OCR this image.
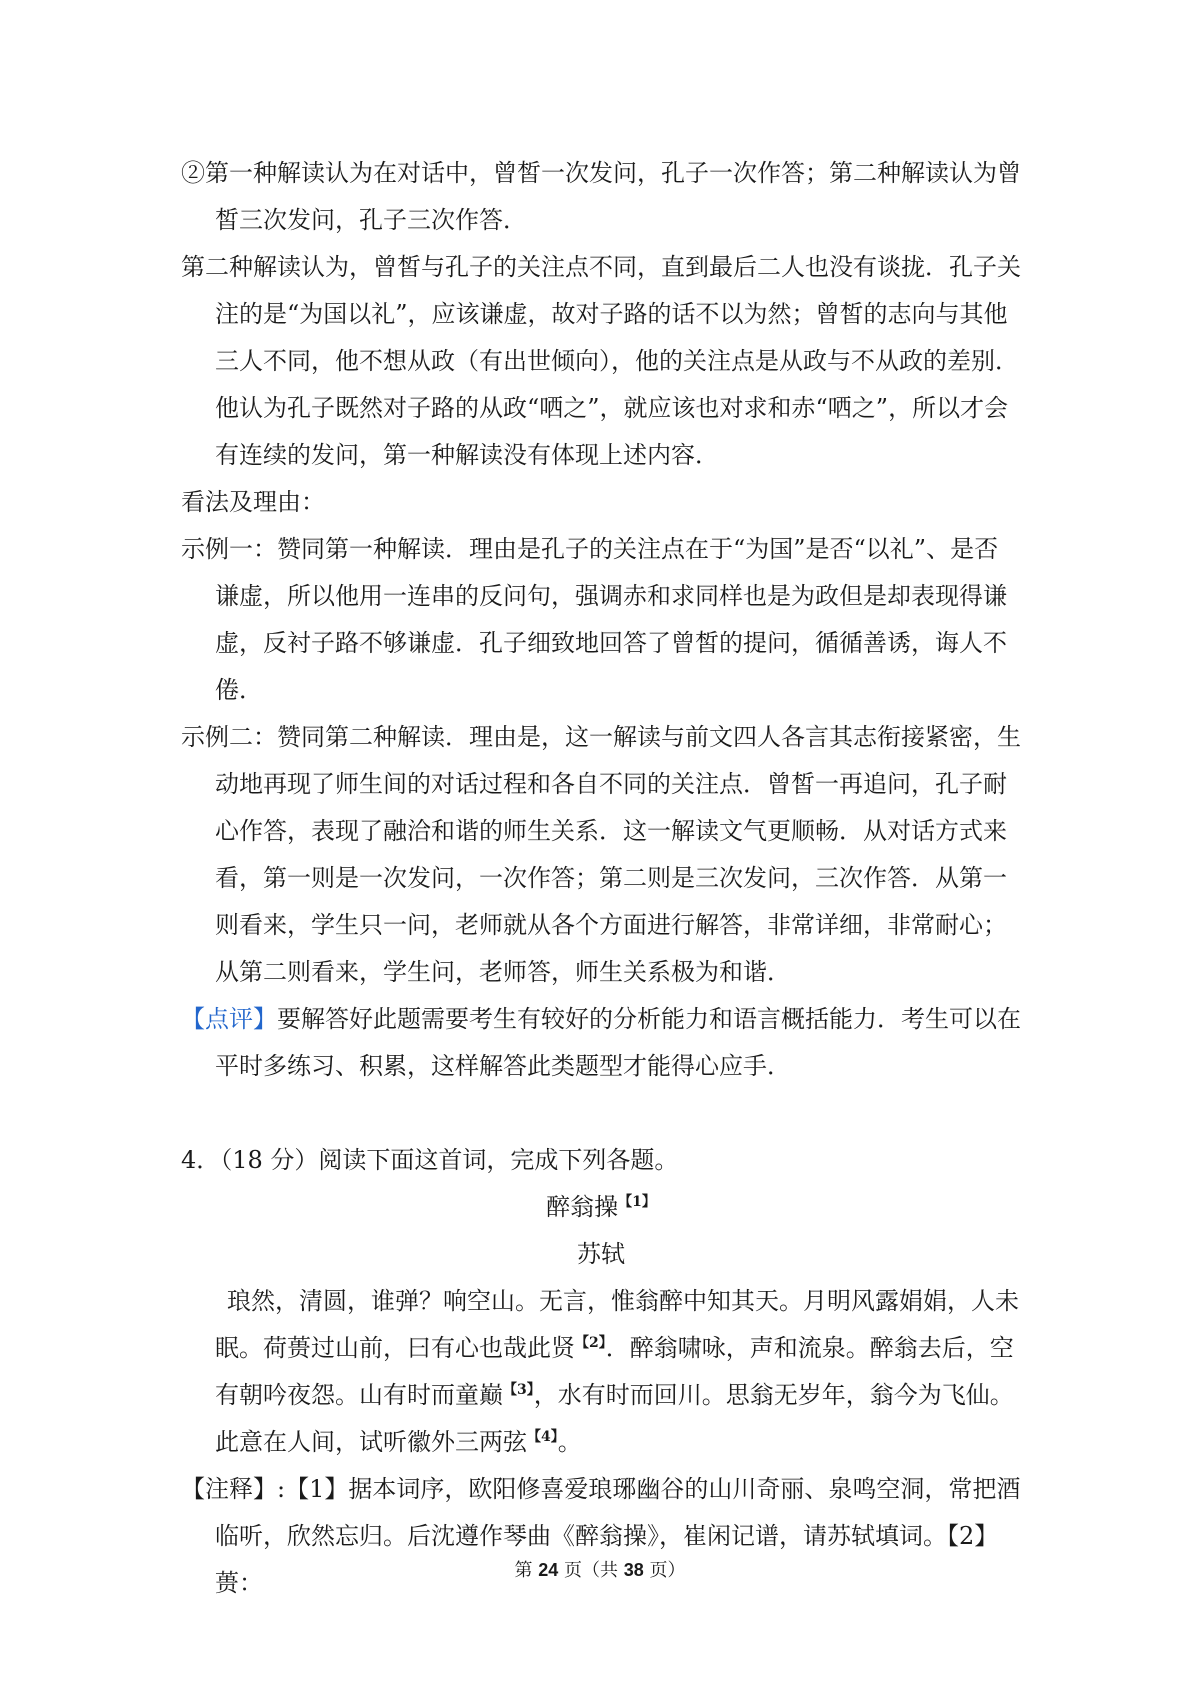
②第一种解读认为在对话中，曾皙一次发问，孔子一次作答；第二种解读认为曾皙三次发问，孔子三次作答．

第二种解读认为，曾皙与孔子的关注点不同，直到最后二人也没有谈拢．孔子关注的是“为国以礼”，应该谦虚，故对子路的话不以为然；曾皙的志向与其他三人不同，他不想从政（有出世倾向），他的关注点是从政与不从政的差别．他认为孔子既然对子路的从政“哂之”，就应该也对求和赤“哂之”，所以才会有连续的发问，第一种解读没有体现上述内容．

看法及理由：

示例一：赞同第一种解读．理由是孔子的关注点在于“为国”是否“以礼”、是否谦虚，所以他用一连串的反问句，强调赤和求同样也是为政但是却表现得谦虚，反衬子路不够谦虚．孔子细致地回答了曾皙的提问，循循善诱，诲人不倦．

示例二：赞同第二种解读．理由是，这一解读与前文四人各言其志衔接紧密，生动地再现了师生间的对话过程和各自不同的关注点．曾皙一再追问，孔子耐心作答，表现了融洽和谐的师生关系．这一解读文气更顺畅．从对话方式来看，第一则是一次发问，一次作答；第二则是三次发问，三次作答．从第一则看来，学生只一问，老师就从各个方面进行解答，非常详细，非常耐心；从第二则看来，学生问，老师答，师生关系极为和谐．

【点评】要解答好此题需要考生有较好的分析能力和语言概括能力．考生可以在平时多练习、积累，这样解答此类题型才能得心应手．

4．（18 分）阅读下面这首词，完成下列各题。

醉翁操$^{【1】}$

苏轼

琅然，清圆，谁弹？响空山。无言，惟翁醉中知其天。月明风露娟娟，人未眠。荷蒉过山前，曰有心也哉此贤$^{【2】}$．醉翁啸咏，声和流泉。醉翁去后，空有朝吟夜怨。山有时而童巅$^{【3】}$，水有时而回川。思翁无岁年，翁今为飞仙。此意在人间，试听徽外三两弦$^{【4】}$。

【注释】:【1】据本词序，欧阳修喜爱琅琊幽谷的山川奇丽、泉鸣空洞，常把酒临听，欣然忘归。后沈遵作琴曲《醉翁操》，崔闲记谱，请苏轼填词。【2】蒉：	第 24 页（共 38 页）
